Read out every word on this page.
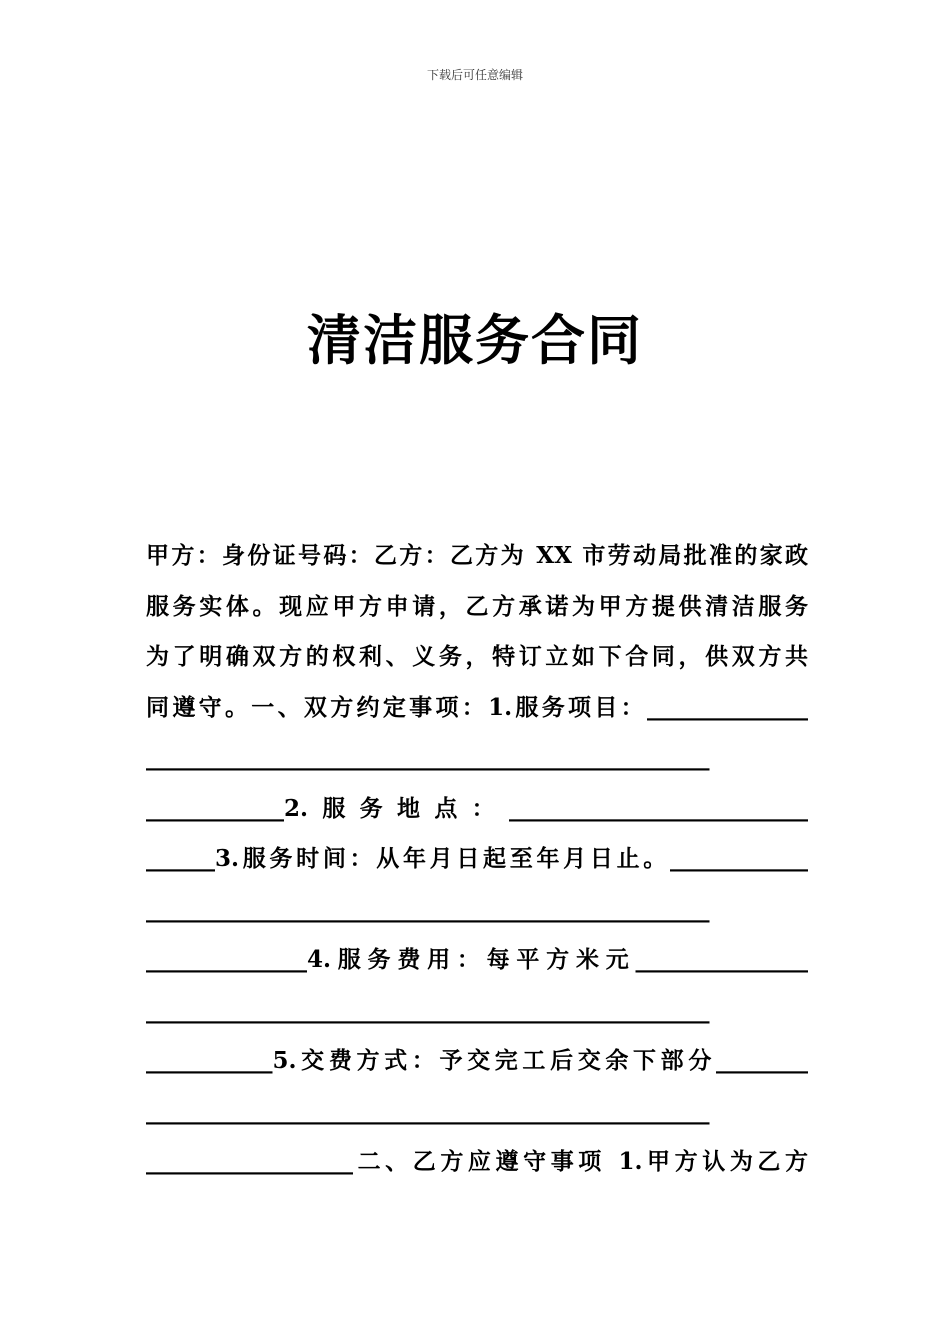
下载后可任意编辑
清洁服务合同
甲方：身份证号码：乙方：乙方为 XX 市劳动局批准的家政
服务实体。现应甲方申请，乙方承诺为甲方提供清洁服务
为了明确双方的权利、义务，特订立如下合同，供双方共
同遵守。一、双方约定事项：1.服务项目：______________
_________________________________________________
____________2.服务地点：__________________________
______3.服务时间：从年月日起至年月日止。____________
_________________________________________________
______________4.服务费用：每平方米元_______________
_________________________________________________
___________5.交费方式：予交完工后交余下部分________
_________________________________________________
__________________二、乙方应遵守事项 1.甲方认为乙方
